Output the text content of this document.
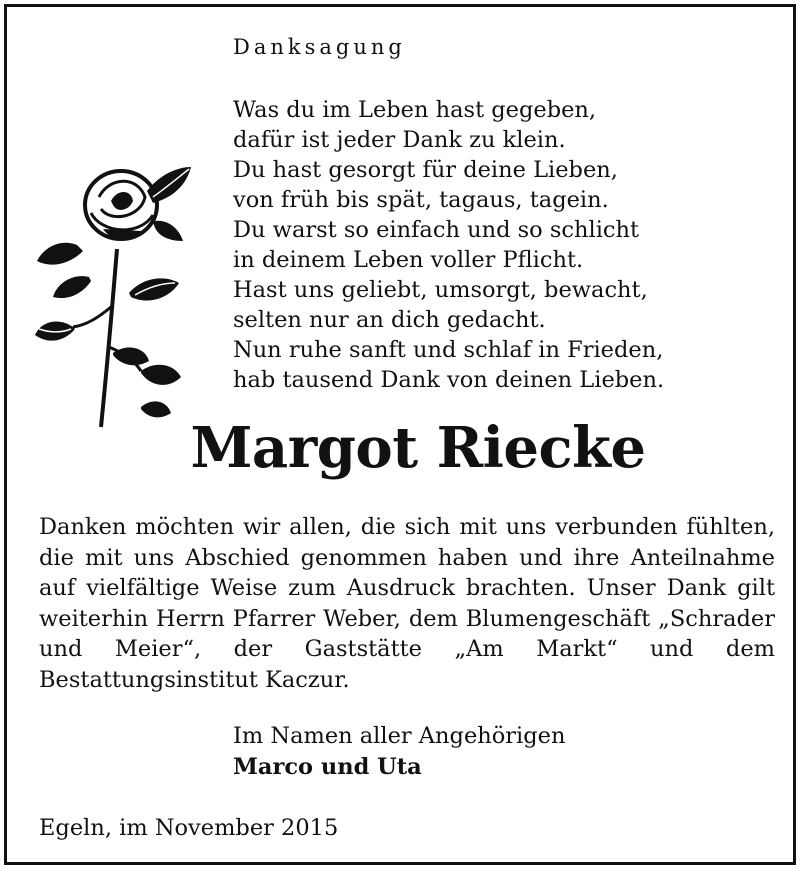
Danksagung
Was du im Leben hast gegeben,
dafür ist jeder Dank zu klein.
Du hast gesorgt für deine Lieben,
von früh bis spät, tagaus, tagein.
Du warst so einfach und so schlicht
in deinem Leben voller Pflicht.
Hast uns geliebt, umsorgt, bewacht,
selten nur an dich gedacht.
Nun ruhe sanft und schlaf in Frieden,
hab tausend Dank von deinen Lieben.
Margot Riecke

Danken möchten wir allen, die sich mit uns verbunden fühlten, die mit uns Abschied genommen haben und ihre Anteilnahme auf vielfältige Weise zum Ausdruck brachten. Unser Dank gilt weiterhin Herrn Pfarrer Weber, dem Blumengeschäft „Schrader und Meier“, der Gaststätte „Am Markt“ und dem Bestattungsinstitut Kaczur.

Im Namen aller Angehörigen
Marco und Uta
Egeln, im November 2015
